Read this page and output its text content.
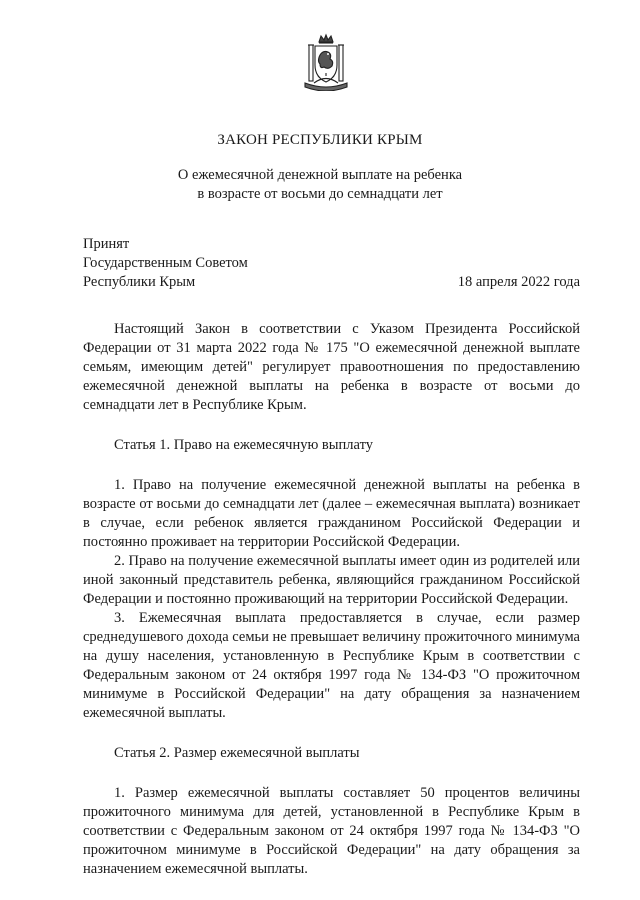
ЗАКОН РЕСПУБЛИКИ КРЫМ
О ежемесячной денежной выплате на ребенка
в возрасте от восьми до семнадцати лет
Принят
Государственным Советом
Республики Крым	18 апреля 2022 года

Настоящий Закон в соответствии с Указом Президента Российской Федерации от 31 марта 2022 года № 175 "О ежемесячной денежной выплате семьям, имеющим детей" регулирует правоотношения по предоставлению ежемесячной денежной выплаты на ребенка в возрасте от восьми до семнадцати лет в Республике Крым.

Статья 1. Право на ежемесячную выплату

1. Право на получение ежемесячной денежной выплаты на ребенка в возрасте от восьми до семнадцати лет (далее – ежемесячная выплата) возникает в случае, если ребенок является гражданином Российской Федерации и постоянно проживает на территории Российской Федерации.

2. Право на получение ежемесячной выплаты имеет один из родителей или иной законный представитель ребенка, являющийся гражданином Российской Федерации и постоянно проживающий на территории Российской Федерации.

3. Ежемесячная выплата предоставляется в случае, если размер среднедушевого дохода семьи не превышает величину прожиточного минимума на душу населения, установленную в Республике Крым в соответствии с Федеральным законом от 24 октября 1997 года № 134-ФЗ "О прожиточном минимуме в Российской Федерации" на дату обращения за назначением ежемесячной выплаты.

Статья 2. Размер ежемесячной выплаты

1. Размер ежемесячной выплаты составляет 50 процентов величины прожиточного минимума для детей, установленной в Республике Крым в соответствии с Федеральным законом от 24 октября 1997 года № 134-ФЗ "О прожиточном минимуме в Российской Федерации" на дату обращения за назначением ежемесячной выплаты.
